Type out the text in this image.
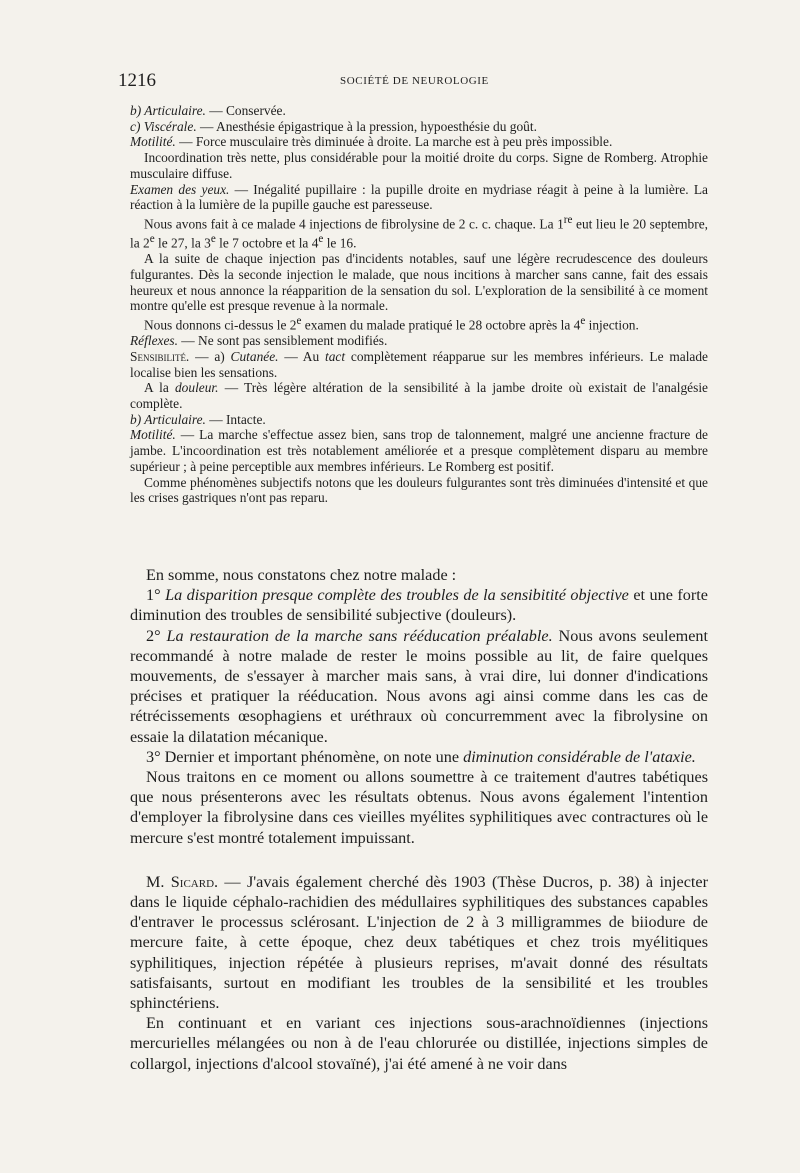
1216	SOCIÉTÉ DE NEUROLOGIE

b) Articulaire. — Conservée.

c) Viscérale. — Anesthésie épigastrique à la pression, hypoesthésie du goût.

Motilité. — Force musculaire très diminuée à droite. La marche est à peu près impossible.

Incoordination très nette, plus considérable pour la moitié droite du corps. Signe de Romberg. Atrophie musculaire diffuse.

Examen des yeux. — Inégalité pupillaire : la pupille droite en mydriase réagit à peine à la lumière. La réaction à la lumière de la pupille gauche est paresseuse.

Nous avons fait à ce malade 4 injections de fibrolysine de 2 c. c. chaque. La 1re eut lieu le 20 septembre, la 2e le 27, la 3e le 7 octobre et la 4e le 16.

A la suite de chaque injection pas d'incidents notables, sauf une légère recrudescence des douleurs fulgurantes. Dès la seconde injection le malade, que nous incitions à marcher sans canne, fait des essais heureux et nous annonce la réapparition de la sensation du sol. L'exploration de la sensibilité à ce moment montre qu'elle est presque revenue à la normale.

Nous donnons ci-dessus le 2e examen du malade pratiqué le 28 octobre après la 4e injection.

Réflexes. — Ne sont pas sensiblement modifiés.

Sensibilité. — a) Cutanée. — Au tact complètement réapparue sur les membres inférieurs. Le malade localise bien les sensations.

A la douleur. — Très légère altération de la sensibilité à la jambe droite où existait de l'analgésie complète.

b) Articulaire. — Intacte.

Motilité. — La marche s'effectue assez bien, sans trop de talonnement, malgré une ancienne fracture de jambe. L'incoordination est très notablement améliorée et a presque complètement disparu au membre supérieur ; à peine perceptible aux membres inférieurs. Le Romberg est positif.

Comme phénomènes subjectifs notons que les douleurs fulgurantes sont très diminuées d'intensité et que les crises gastriques n'ont pas reparu.

En somme, nous constatons chez notre malade :

1° La disparition presque complète des troubles de la sensibitité objective et une forte diminution des troubles de sensibilité subjective (douleurs).

2° La restauration de la marche sans rééducation préalable. Nous avons seulement recommandé à notre malade de rester le moins possible au lit, de faire quelques mouvements, de s'essayer à marcher mais sans, à vrai dire, lui donner d'indications précises et pratiquer la rééducation. Nous avons agi ainsi comme dans les cas de rétrécissements œsophagiens et uréthraux où concurremment avec la fibrolysine on essaie la dilatation mécanique.

3° Dernier et important phénomène, on note une diminution considérable de l'ataxie.

Nous traitons en ce moment ou allons soumettre à ce traitement d'autres tabétiques que nous présenterons avec les résultats obtenus. Nous avons également l'intention d'employer la fibrolysine dans ces vieilles myélites syphilitiques avec contractures où le mercure s'est montré totalement impuissant.

M. Sicard. — J'avais également cherché dès 1903 (Thèse Ducros, p. 38) à injecter dans le liquide céphalo-rachidien des médullaires syphilitiques des substances capables d'entraver le processus sclérosant. L'injection de 2 à 3 milligrammes de biiodure de mercure faite, à cette époque, chez deux tabétiques et chez trois myélitiques syphilitiques, injection répétée à plusieurs reprises, m'avait donné des résultats satisfaisants, surtout en modifiant les troubles de la sensibilité et les troubles sphinctériens.

En continuant et en variant ces injections sous-arachnoïdiennes (injections mercurielles mélangées ou non à de l'eau chlorurée ou distillée, injections simples de collargol, injections d'alcool stovaïné), j'ai été amené à ne voir dans
